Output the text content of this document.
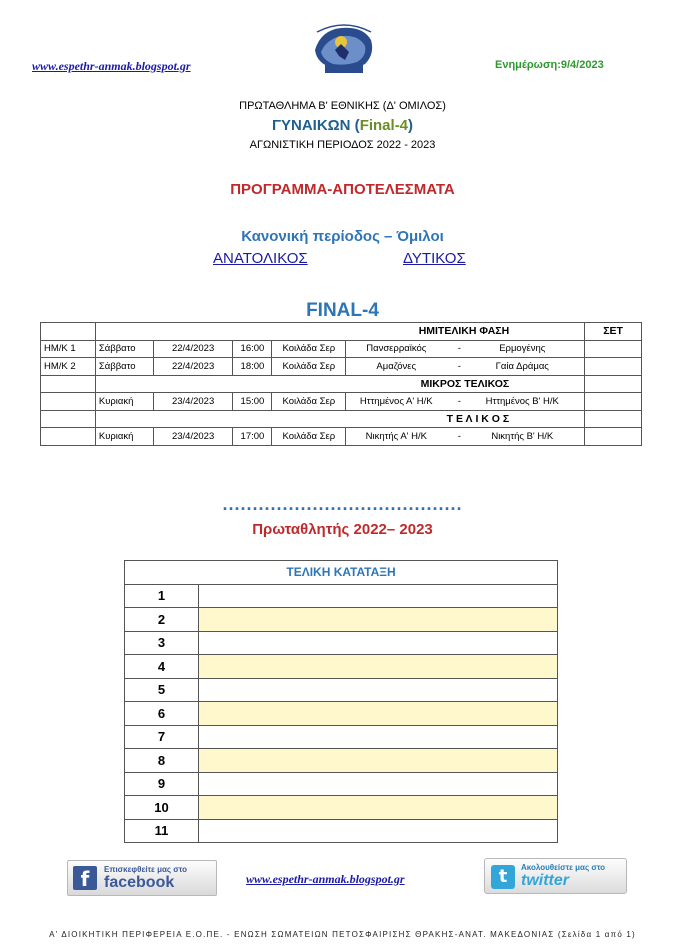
www.espethr-anmak.blogspot.gr	Ενημέρωση:9/4/2023
ΠΡΩΤΑΘΛΗΜΑ Β' ΕΘΝΙΚΗΣ (Δ' ΟΜΙΛΟΣ)
ΓΥΝΑΙΚΩΝ (Final-4)
ΑΓΩΝΙΣΤΙΚΗ ΠΕΡΙΟΔΟΣ 2022 - 2023
ΠΡΟΓΡΑΜΜΑ-ΑΠΟΤΕΛΕΣΜΑΤΑ
Κανονική περίοδος – Όμιλοι
ΑΝΑΤΟΛΙΚΟΣ	ΔΥΤΙΚΟΣ
FINAL-4
	ΗΜΙΤΕΛΙΚΗ ΦΑΣΗ					ΣΕΤ
ΗΜ/Κ 1	Σάββατο	22/4/2023	16:00	Κοιλάδα Σερ	Πανσερραϊκός - Ερμογένης	
ΗΜ/Κ 2	Σάββατο	22/4/2023	18:00	Κοιλάδα Σερ	Αμαζόνες - Γαία Δράμας	
	ΜΙΚΡΟΣ ΤΕΛΙΚΟΣ					
	Κυριακή	23/4/2023	15:00	Κοιλάδα Σερ	Ηττημένος Α' Η/Κ - Ηττημένος Β' Η/Κ	
	Τ Ε Λ Ι Κ Ο Σ					
	Κυριακή	23/4/2023	17:00	Κοιλάδα Σερ	Νικητής Α' Η/Κ - Νικητής Β' Η/Κ	
........................................
Πρωταθλητής 2022– 2023
ΤΕΛΙΚΗ ΚΑΤΑΤΑΞΗ	
1	
2	
3	
4	
5	
6	
7	
8	
9	
10	
11	
f	Επισκεφθείτε μας στο
facebook	www.espethr-anmak.blogspot.gr	t	Ακολουθείστε μας στο
twitter
Α' ΔΙΟΙΚΗΤΙΚΗ ΠΕΡΙΦΕΡΕΙΑ Ε.Ο.ΠΕ. - ΕΝΩΣΗ ΣΩΜΑΤΕΙΩΝ ΠΕΤΟΣΦΑΙΡΙΣΗΣ ΘΡΑΚΗΣ-ΑΝΑΤ. ΜΑΚΕΔΟΝΙΑΣ (Σελίδα 1 από 1)
